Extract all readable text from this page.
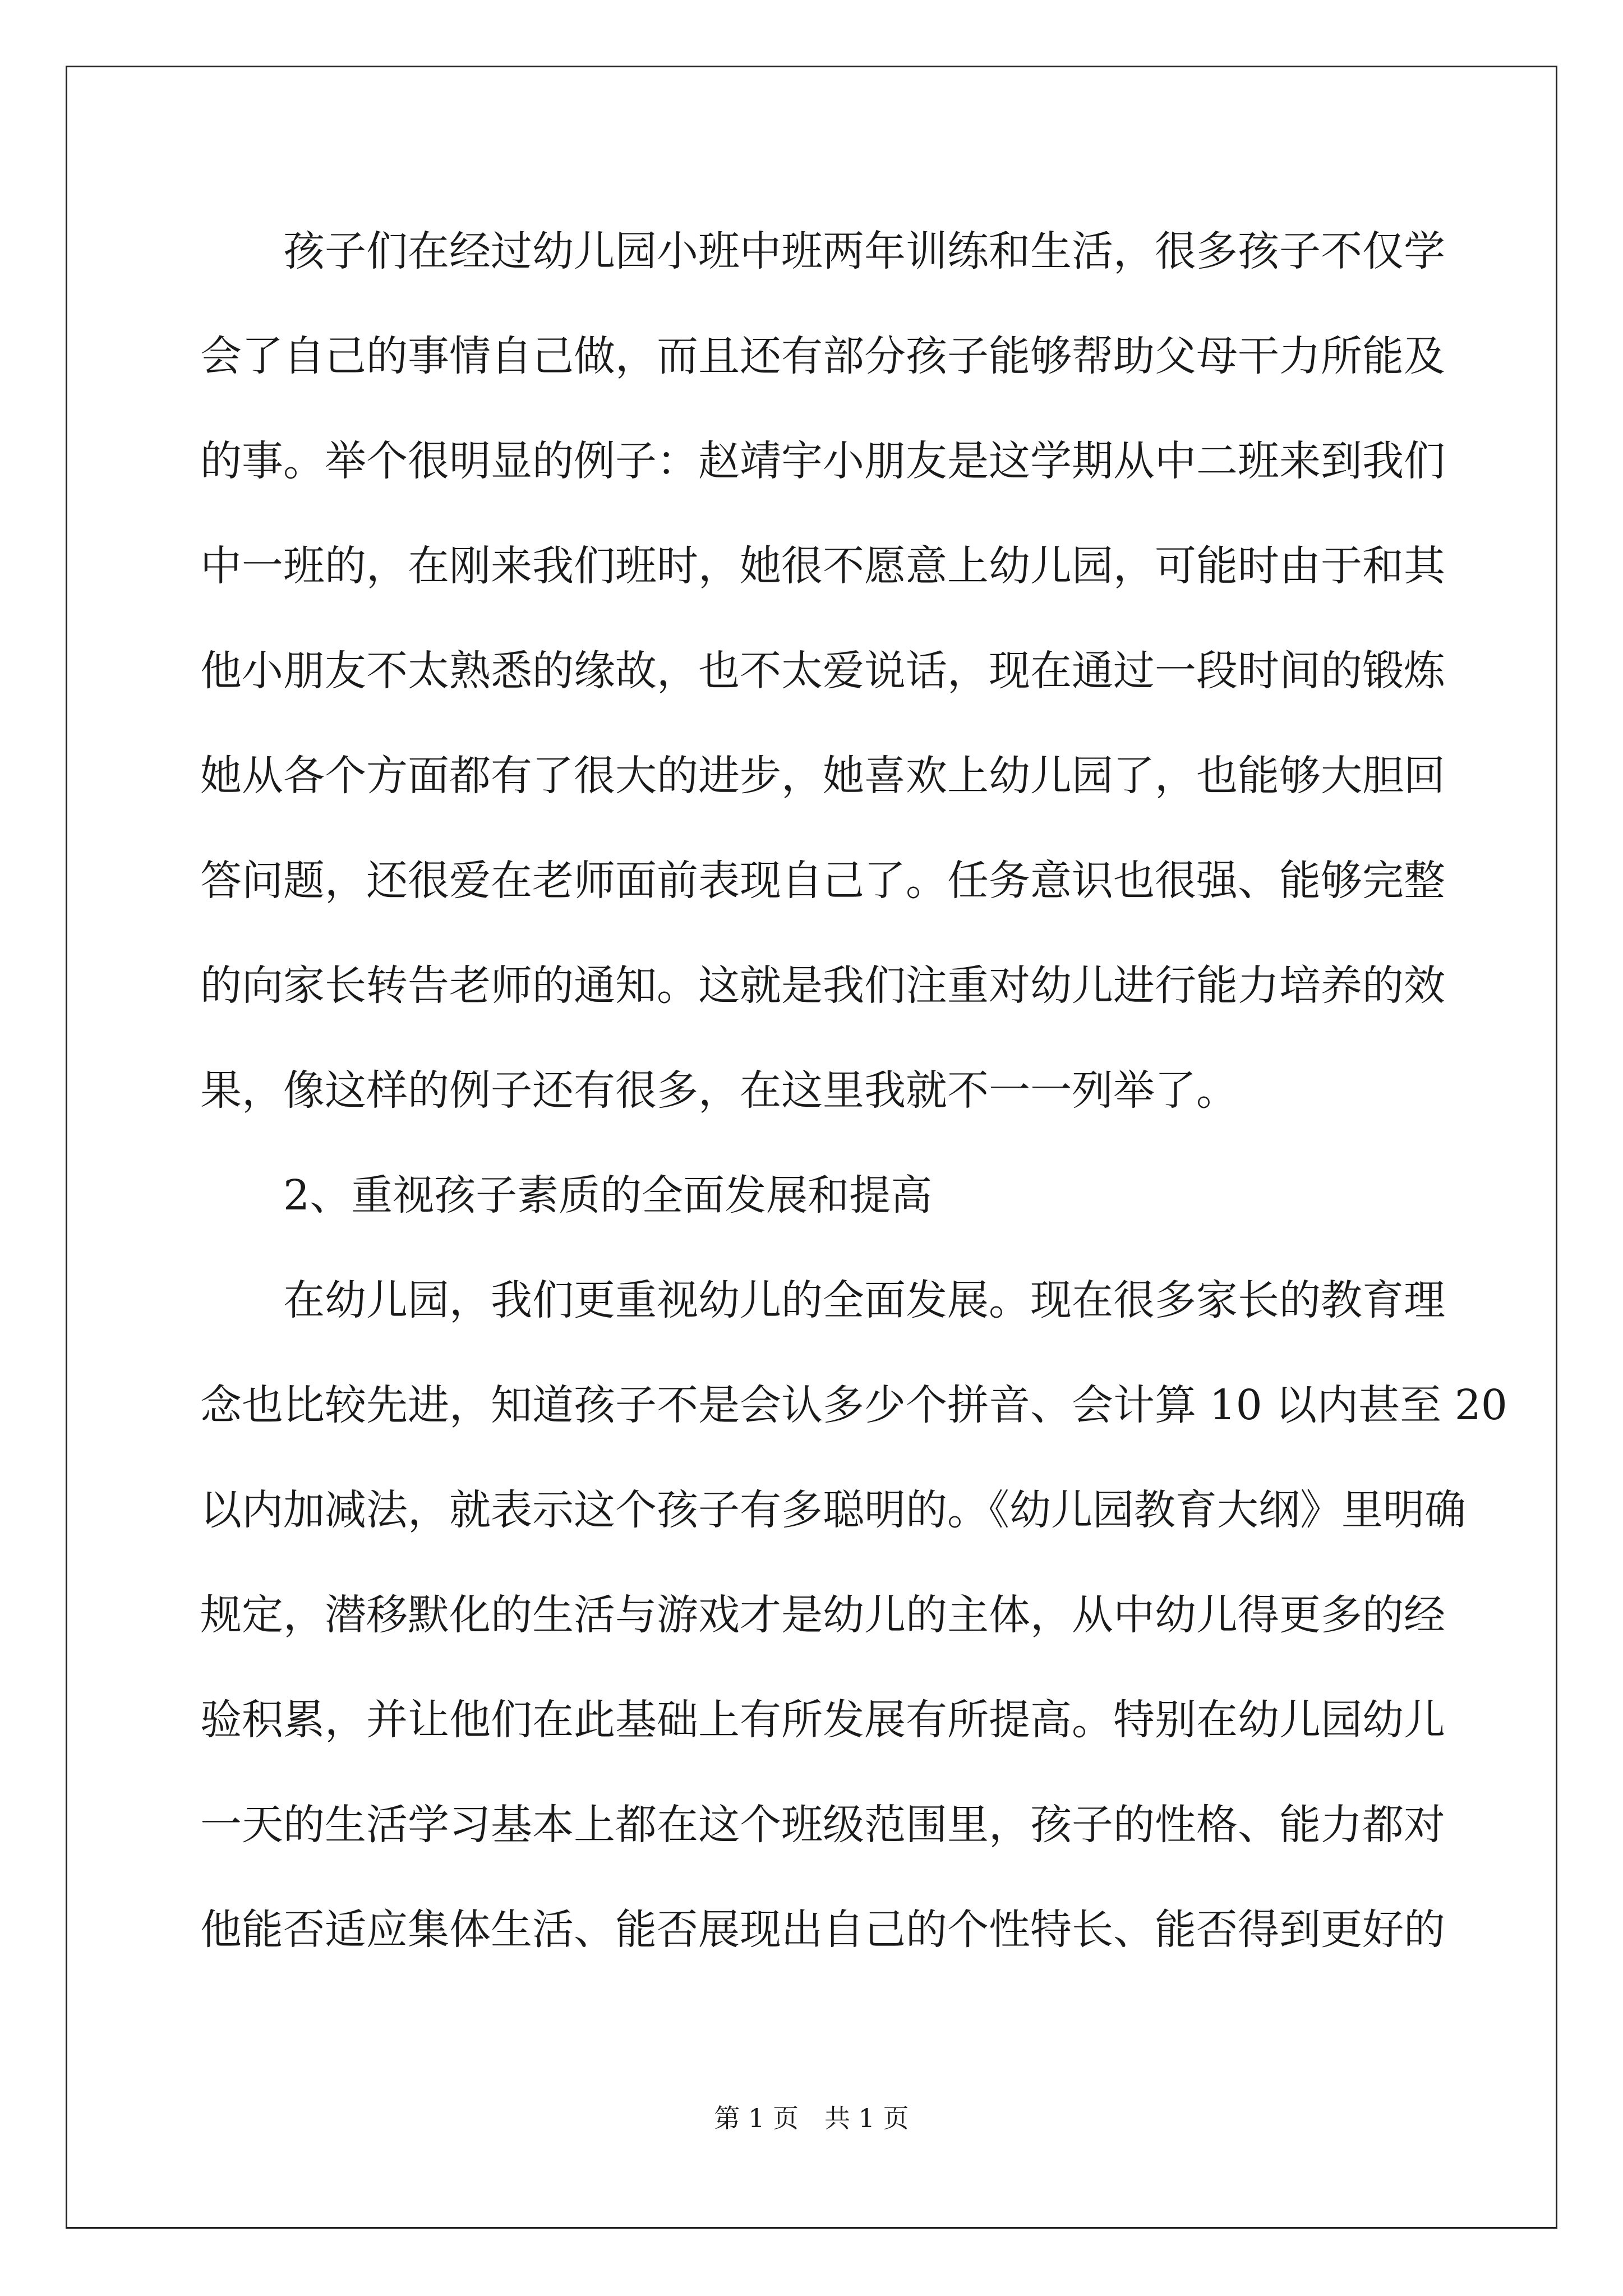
孩子们在经过幼儿园小班中班两年训练和生活，很多孩子不仅学
会了自己的事情自己做，而且还有部分孩子能够帮助父母干力所能及
的事。举个很明显的例子：赵靖宇小朋友是这学期从中二班来到我们
中一班的，在刚来我们班时，她很不愿意上幼儿园，可能时由于和其
他小朋友不太熟悉的缘故，也不太爱说话，现在通过一段时间的锻炼
她从各个方面都有了很大的进步，她喜欢上幼儿园了，也能够大胆回
答问题，还很爱在老师面前表现自己了。任务意识也很强、能够完整
的向家长转告老师的通知。这就是我们注重对幼儿进行能力培养的效
果，像这样的例子还有很多，在这里我就不一一列举了。
2、重视孩子素质的全面发展和提高
在幼儿园，我们更重视幼儿的全面发展。现在很多家长的教育理
念也比较先进，知道孩子不是会认多少个拼音、会计算 10 以内甚至 20
以内加减法，就表示这个孩子有多聪明的。《幼儿园教育大纲》里明确
规定，潜移默化的生活与游戏才是幼儿的主体，从中幼儿得更多的经
验积累，并让他们在此基础上有所发展有所提高。特别在幼儿园幼儿
一天的生活学习基本上都在这个班级范围里，孩子的性格、能力都对
他能否适应集体生活、能否展现出自己的个性特长、能否得到更好的
第 1 页　共 1 页
